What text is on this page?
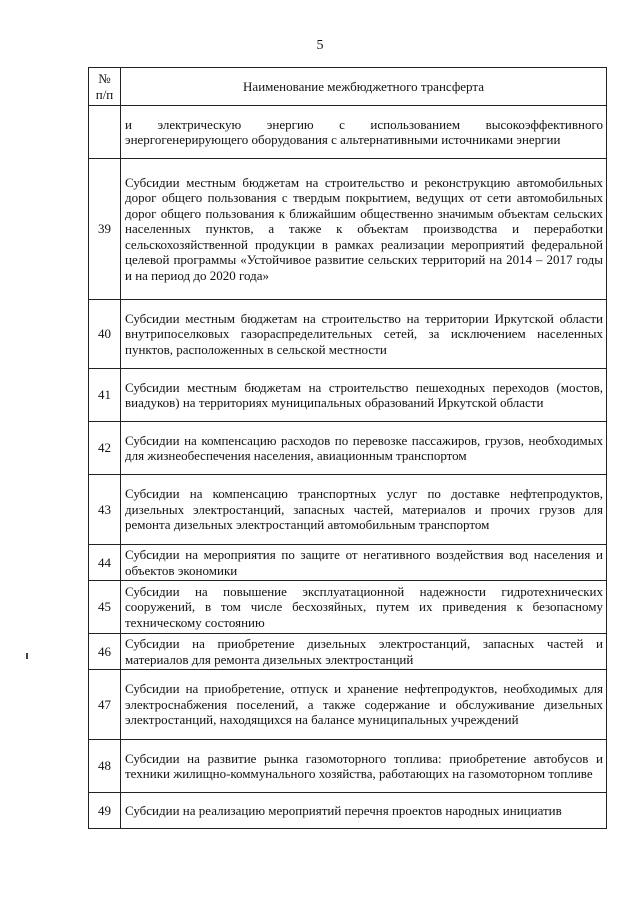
5
№
п/п	Наименование межбюджетного трансферта
	и электрическую энергию с использованием высокоэффективного энергогенерирующего оборудования с альтернативными источниками энергии
39	Субсидии местным бюджетам на строительство и реконструкцию автомобильных дорог общего пользования с твердым покрытием, ведущих от сети автомобильных дорог общего пользования к ближайшим общественно значимым объектам сельских населенных пунктов, а также к объектам производства и переработки сельскохозяйственной продукции в рамках реализации мероприятий федеральной целевой программы «Устойчивое развитие сельских территорий на 2014 – 2017 годы и на период до 2020 года»
40	Субсидии местным бюджетам на строительство на территории Иркутской области внутрипоселковых газораспределительных сетей, за исключением населенных пунктов, расположенных в сельской местности
41	Субсидии местным бюджетам на строительство пешеходных переходов (мостов, виадуков) на территориях муниципальных образований Иркутской области
42	Субсидии на компенсацию расходов по перевозке пассажиров, грузов, необходимых для жизнеобеспечения населения, авиационным транспортом
43	Субсидии на компенсацию транспортных услуг по доставке нефтепродуктов, дизельных электростанций, запасных частей, материалов и прочих грузов для ремонта дизельных электростанций автомобильным транспортом
44	Субсидии на мероприятия по защите от негативного воздействия вод населения и объектов экономики
45	Субсидии на повышение эксплуатационной надежности гидротехнических сооружений, в том числе бесхозяйных, путем их приведения к безопасному техническому состоянию
46	Субсидии на приобретение дизельных электростанций, запасных частей и материалов для ремонта дизельных электростанций
47	Субсидии на приобретение, отпуск и хранение нефтепродуктов, необходимых для электроснабжения поселений, а также содержание и обслуживание дизельных электростанций, находящихся на балансе муниципальных учреждений
48	Субсидии на развитие рынка газомоторного топлива: приобретение автобусов и техники жилищно-коммунального хозяйства, работающих на газомоторном топливе
49	Субсидии на реализацию мероприятий перечня проектов народных инициатив
